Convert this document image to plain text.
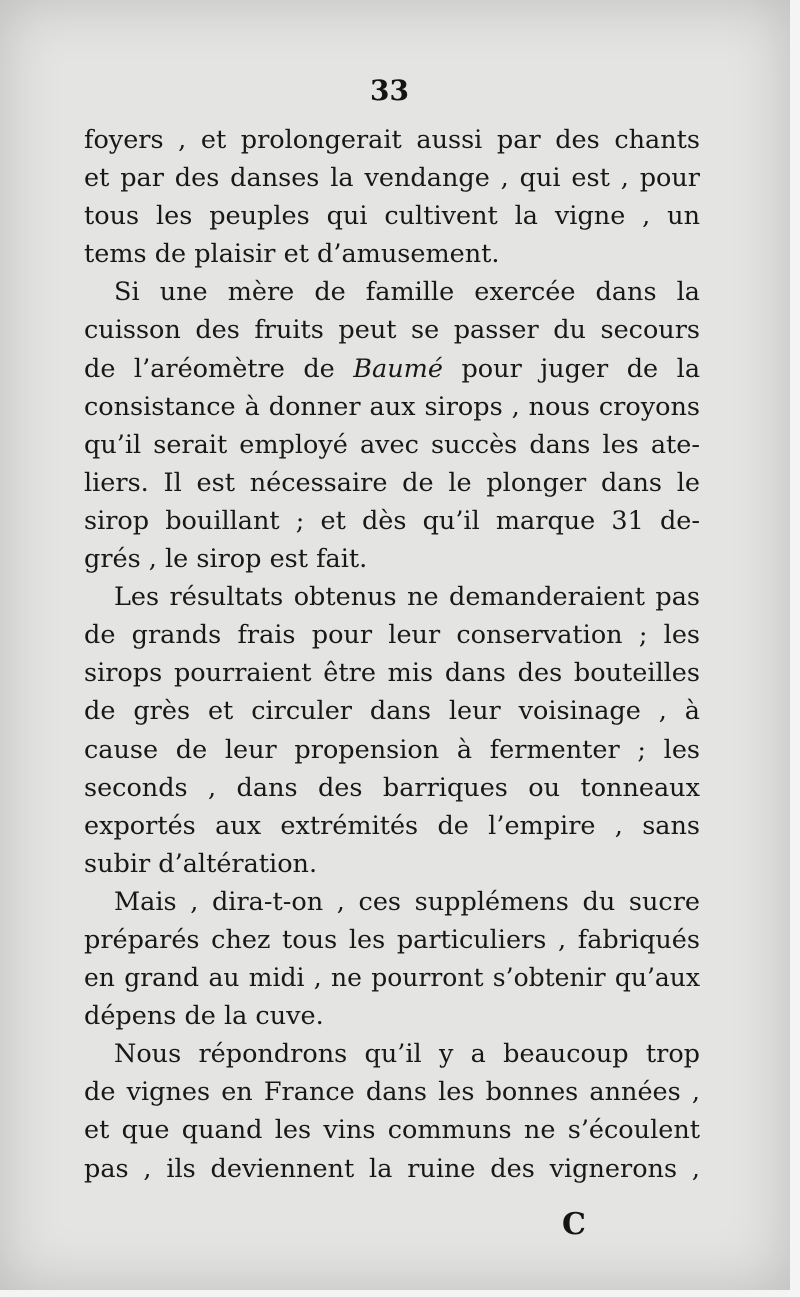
33
foyers , et prolongerait aussi par des chants
et par des danses la vendange , qui est , pour
tous les peuples qui cultivent la vigne , un
tems de plaisir et d’amusement.
Si une mère de famille exercée dans la
cuisson des fruits peut se passer du secours
de l’aréomètre de Baumé pour juger de la
consistance à donner aux sirops , nous croyons
qu’il serait employé avec succès dans les ate-
liers. Il est nécessaire de le plonger dans le
sirop bouillant ; et dès qu’il marque 31 de-
grés , le sirop est fait.
Les résultats obtenus ne demanderaient pas
de grands frais pour leur conservation ; les
sirops pourraient être mis dans des bouteilles
de grès et circuler dans leur voisinage , à
cause de leur propension à fermenter ; les
seconds , dans des barriques ou tonneaux
exportés aux extrémités de l’empire , sans
subir d’altération.
Mais , dira-t-on , ces supplémens du sucre
préparés chez tous les particuliers , fabriqués
en grand au midi , ne pourront s’obtenir qu’aux
dépens de la cuve.
Nous répondrons qu’il y a beaucoup trop
de vignes en France dans les bonnes années ,
et que quand les vins communs ne s’écoulent
pas , ils deviennent la ruine des vignerons ,
C
